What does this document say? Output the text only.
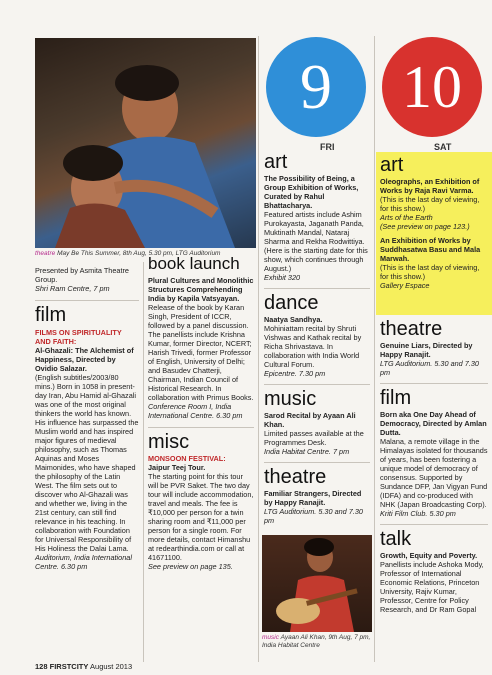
theatre May Be This Summer, 8th Aug, 5.30 pm, LTG Auditorium
Presented by Asmita Theatre Group.
Shri Ram Centre, 7 pm
film
FILMS ON SPIRITUALITY AND FAITH:
Al-Ghazali: The Alchemist of Happiness, Directed by Ovidio Salazar.
(English subtitles/2003/80 mins.) Born in 1058 in present-day Iran, Abu Hamid al-Ghazali was one of the most original thinkers the world has known. His influence has surpassed the Muslim world and has inspired major figures of medieval philosophy, such as Thomas Aquinas and Moses Maimonides, who have shaped the philosophy of the Latin West. The film sets out to discover who Al-Ghazali was and whether we, living in the 21st century, can still find relevance in his teaching. In collaboration with Foundation for Universal Responsibility of His Holiness the Dalai Lama.
Auditorium, India International Centre. 6.30 pm
book launch
Plural Cultures and Monolithic Structures Comprehending India by Kapila Vatsyayan.
Release of the book by Karan Singh, President of ICCR, followed by a panel discussion. The panellists include Krishna Kumar, former Director, NCERT; Harish Trivedi, former Professor of English, University of Delhi; and Basudev Chatterji, Chairman, Indian Council of Historical Research. In collaboration with Primus Books.
Conference Room I, India International Centre. 6.30 pm
misc
MONSOON FESTIVAL:
Jaipur Teej Tour.
The starting point for this tour will be PVR Saket. The two day tour will include accommodation, travel and meals. The fee is ₹10,000 per person for a twin sharing room and ₹11,000 per person for a single room. For more details, contact Himanshu at redearthindia.com or call at 41671100.
See preview on page 135.
9
FRI
art
The Possibility of Being, a Group Exhibition of Works, Curated by Rahul Bhattacharya.
Featured artists include Ashim Purokayasta, Jaganath Panda, Muktinath Mandal, Nataraj Sharma and Rekha Rodwittiya. (Here is the starting date for this show, which continues through August.)
Exhibit 320
dance
Naatya Sandhya.
Mohiniattam recital by Shruti Vishwas and Kathak recital by Richa Shrivastava. In collaboration with India World Cultural Forum.
Epicentre. 7.30 pm
music
Sarod Recital by Ayaan Ali Khan.
Limited passes available at the Programmes Desk.
India Habitat Centre. 7 pm
theatre
Familiar Strangers, Directed by Happy Ranajit.
LTG Auditorium. 5.30 and 7.30 pm
music Ayaan Ali Khan, 9th Aug, 7 pm, India Habitat Centre
10
SAT
art
Oleographs, an Exhibition of Works by Raja Ravi Varma.
(This is the last day of viewing, for this show.)
Arts of the Earth
(See preview on page 123.)
An Exhibition of Works by Suddhasatwa Basu and Mala Marwah.
(This is the last day of viewing, for this show.)
Gallery Espace
theatre
Genuine Liars, Directed by Happy Ranajit.
LTG Auditorium. 5.30 and 7.30 pm
film
Born aka One Day Ahead of Democracy, Directed by Amlan Dutta.
Malana, a remote village in the Himalayas isolated for thousands of years, has been fostering a unique model of democracy of consensus. Supported by Sundance DFP, Jan Vigyan Fund (IDFA) and co-produced with NHK (Japan Broadcasting Corp).
Kriti Film Club. 5.30 pm
talk
Growth, Equity and Poverty.
Panellists include Ashoka Mody, Professor of International Economic Relations, Princeton University, Rajiv Kumar, Professor, Centre for Policy Research, and Dr Ram Gopal
128 FIRSTCITY August 2013
